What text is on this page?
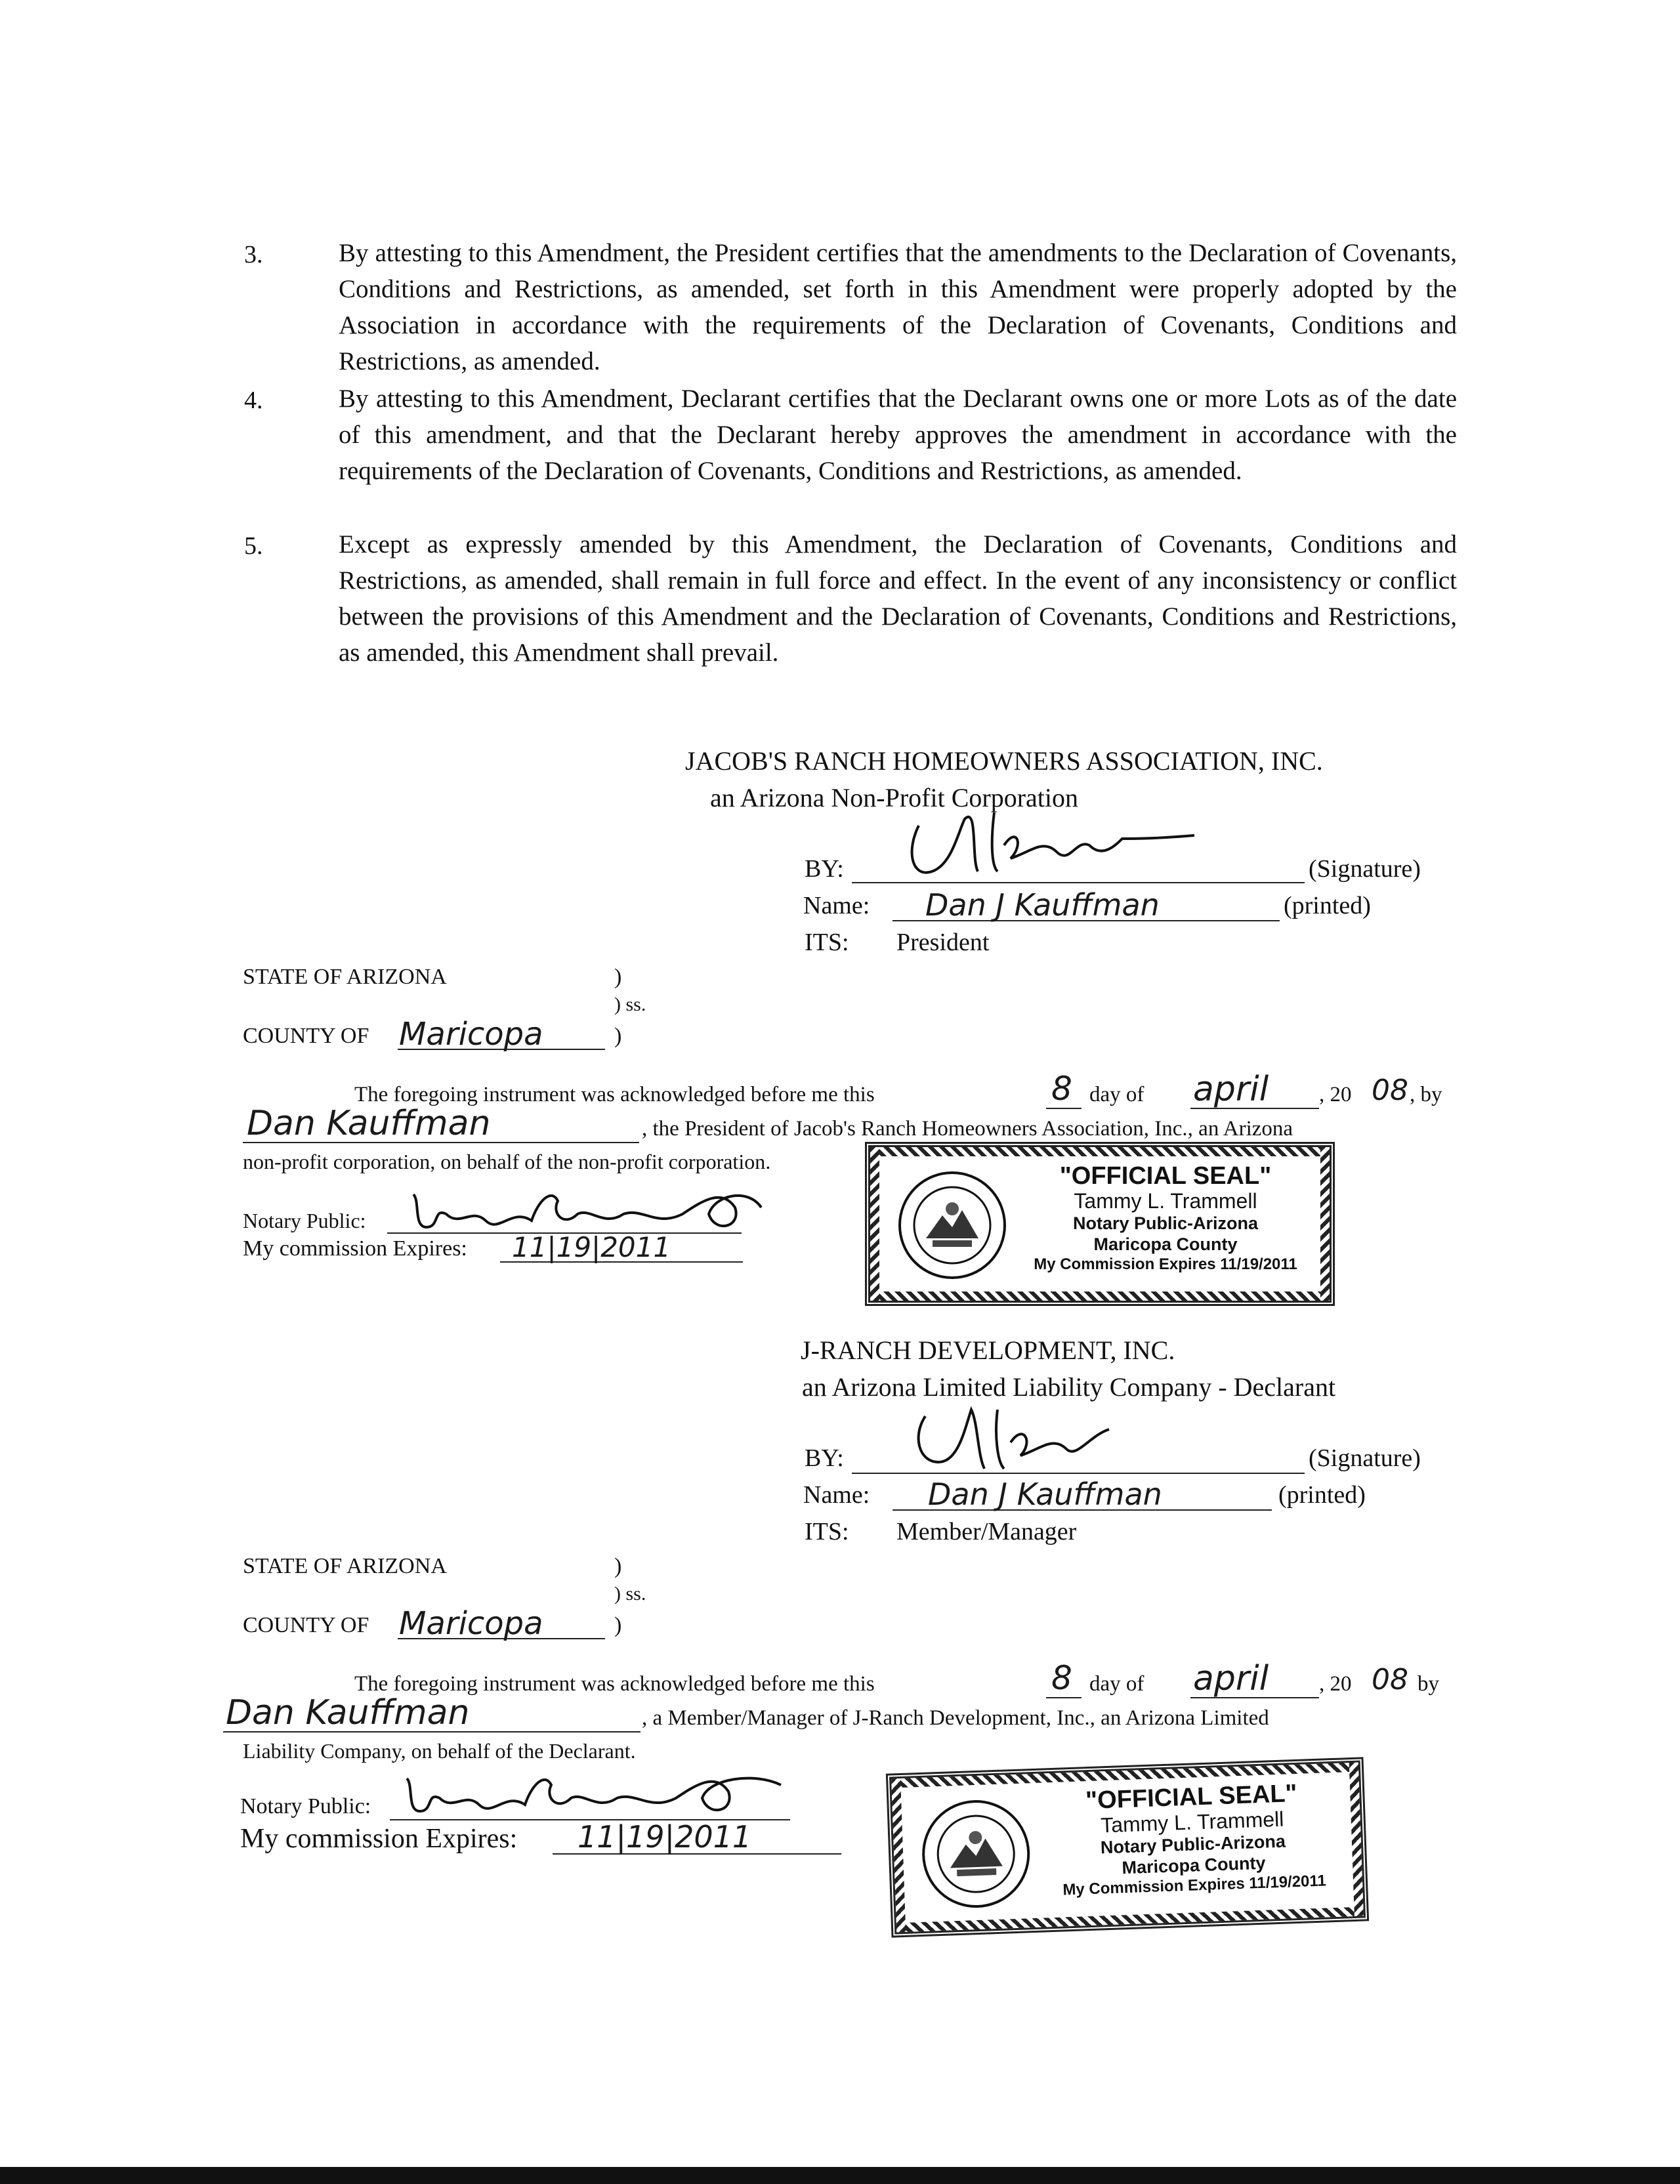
3.	By attesting to this Amendment, the President certifies that the amendments to the Declaration of Covenants, Conditions and Restrictions, as amended, set forth in this Amendment were properly adopted by the Association in accordance with the requirements of the Declaration of Covenants, Conditions and Restrictions, as amended.
4.	By attesting to this Amendment, Declarant certifies that the Declarant owns one or more Lots as of the date of this amendment, and that the Declarant hereby approves the amendment in accordance with the requirements of the Declaration of Covenants, Conditions and Restrictions, as amended.
5.	Except as expressly amended by this Amendment, the Declaration of Covenants, Conditions and Restrictions, as amended, shall remain in full force and effect. In the event of any inconsistency or conflict between the provisions of this Amendment and the Declaration of Covenants, Conditions and Restrictions, as amended, this Amendment shall prevail.
JACOB'S RANCH HOMEOWNERS ASSOCIATION, INC.
an Arizona Non-Profit Corporation
BY:	(Signature)
Name: Dan J Kauffman	(printed)
ITS: President
STATE OF ARIZONA	)
) ss.
COUNTY OF Maricopa	)
The foregoing instrument was acknowledged before me this	8 day of april , 20 08 , by
Dan Kauffman	, the President of Jacob's Ranch Homeowners Association, Inc., an Arizona
non-profit corporation, on behalf of the non-profit corporation.
Notary Public:
My commission Expires: 11|19|2011
"OFFICIAL SEAL"
Tammy L. Trammell
Notary Public-Arizona
Maricopa County
My Commission Expires 11/19/2011
J-RANCH DEVELOPMENT, INC.
an Arizona Limited Liability Company - Declarant
BY:	(Signature)
Name: Dan J Kauffman	(printed)
ITS: Member/Manager
STATE OF ARIZONA	)
) ss.
COUNTY OF Maricopa	)
The foregoing instrument was acknowledged before me this	8 day of april , 20 08 by
Dan Kauffman	, a Member/Manager of J-Ranch Development, Inc., an Arizona Limited
Liability Company, on behalf of the Declarant.
Notary Public:
My commission Expires: 11|19|2011
"OFFICIAL SEAL"
Tammy L. Trammell
Notary Public-Arizona
Maricopa County
My Commission Expires 11/19/2011
